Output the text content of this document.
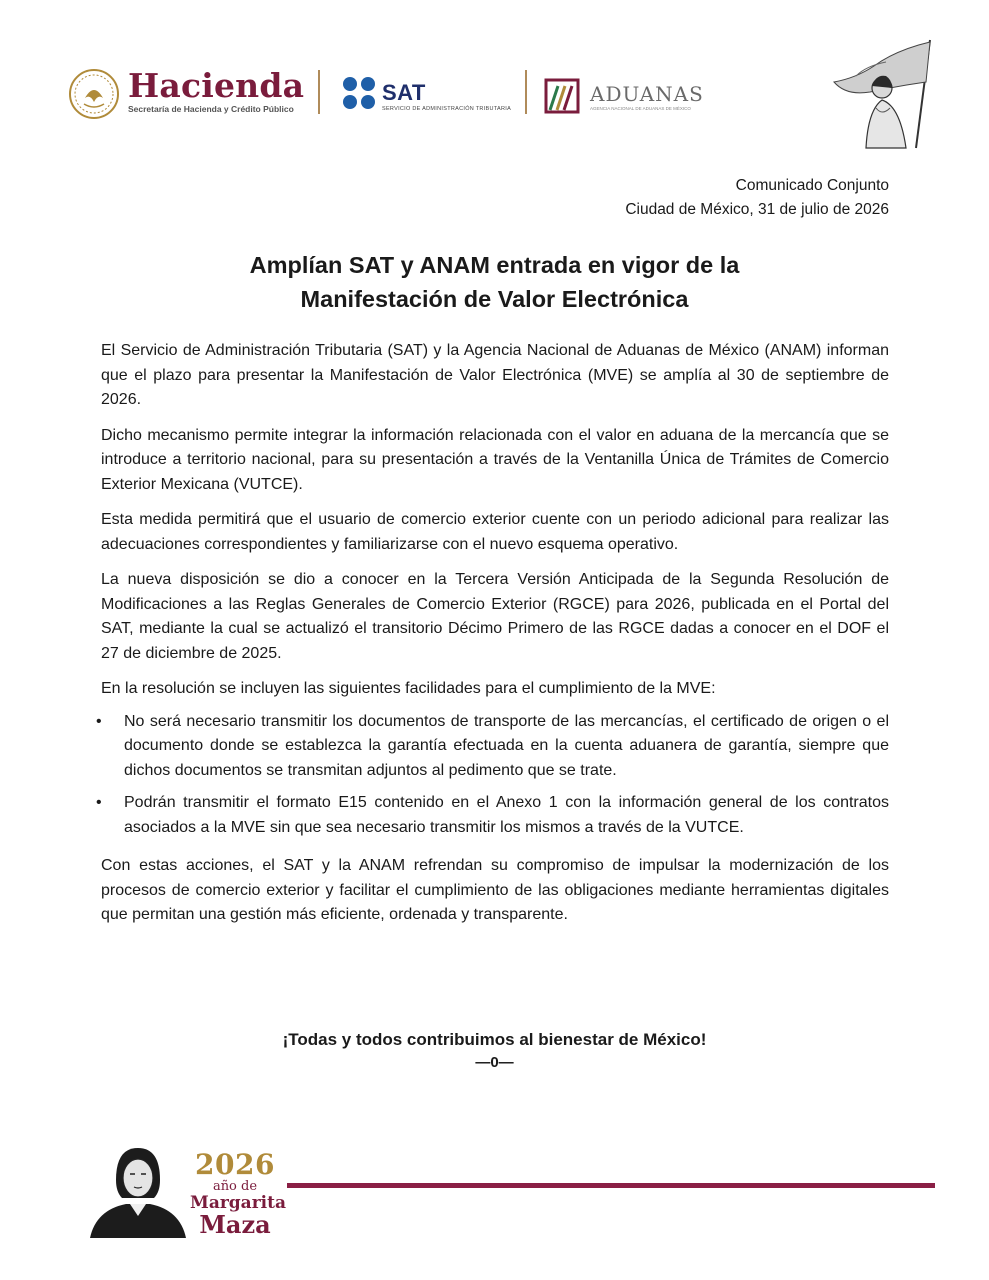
Hacienda
Secretaría de Hacienda y Crédito Público
SAT
SERVICIO DE ADMINISTRACIÓN TRIBUTARIA
ADUANAS
AGENCIA NACIONAL DE ADUANAS DE MÉXICO
Comunicado Conjunto
Ciudad de México, 31 de julio de 2026
Amplían SAT y ANAM entrada en vigor de la
Manifestación de Valor Electrónica

El Servicio de Administración Tributaria (SAT) y la Agencia Nacional de Aduanas de México (ANAM) informan que el plazo para presentar la Manifestación de Valor Electrónica (MVE) se amplía al 30 de septiembre de 2026.

Dicho mecanismo permite integrar la información relacionada con el valor en aduana de la mercancía que se introduce a territorio nacional, para su presentación a través de la Ventanilla Única de Trámites de Comercio Exterior Mexicana (VUTCE).

Esta medida permitirá que el usuario de comercio exterior cuente con un periodo adicional para realizar las adecuaciones correspondientes y familiarizarse con el nuevo esquema operativo.

La nueva disposición se dio a conocer en la Tercera Versión Anticipada de la Segunda Resolución de Modificaciones a las Reglas Generales de Comercio Exterior (RGCE) para 2026, publicada en el Portal del SAT, mediante la cual se actualizó el transitorio Décimo Primero de las RGCE dadas a conocer en el DOF el 27 de diciembre de 2025.

En la resolución se incluyen las siguientes facilidades para el cumplimiento de la MVE:

• No será necesario transmitir los documentos de transporte de las mercancías, el certificado de origen o el documento donde se establezca la garantía efectuada en la cuenta aduanera de garantía, siempre que dichos documentos se transmitan adjuntos al pedimento que se trate.
• Podrán transmitir el formato E15 contenido en el Anexo 1 con la información general de los contratos asociados a la MVE sin que sea necesario transmitir los mismos a través de la VUTCE.

Con estas acciones, el SAT y la ANAM refrendan su compromiso de impulsar la modernización de los procesos de comercio exterior y facilitar el cumplimiento de las obligaciones mediante herramientas digitales que permitan una gestión más eficiente, ordenada y transparente.

¡Todas y todos contribuimos al bienestar de México!
—0—
2026
año de
Margarita
Maza
